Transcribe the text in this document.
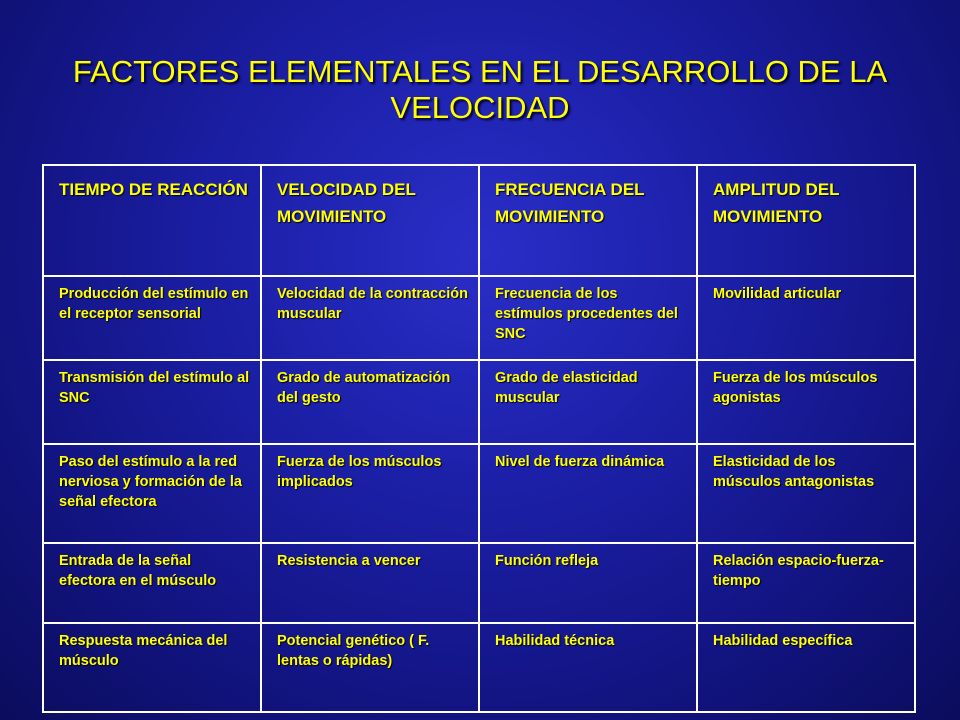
FACTORES ELEMENTALES EN EL DESARROLLO DE LA VELOCIDAD
TIEMPO DE REACCIÓN	VELOCIDAD DEL MOVIMIENTO	FRECUENCIA DEL MOVIMIENTO	AMPLITUD DEL MOVIMIENTO
Producción del estímulo en el receptor sensorial	Velocidad de la contracción muscular	Frecuencia de los estímulos procedentes del SNC	Movilidad articular
Transmisión del estímulo al SNC	Grado de automatización del gesto	Grado de elasticidad muscular	Fuerza de los músculos agonistas
Paso del estímulo a la red nerviosa y formación de la señal efectora	Fuerza de los músculos implicados	Nivel de fuerza dinámica	Elasticidad de los músculos antagonistas
Entrada de la señal efectora en el músculo	Resistencia a vencer	Función refleja	Relación espacio-fuerza-tiempo
Respuesta mecánica del músculo	Potencial genético ( F. lentas o rápidas)	Habilidad técnica	Habilidad específica
